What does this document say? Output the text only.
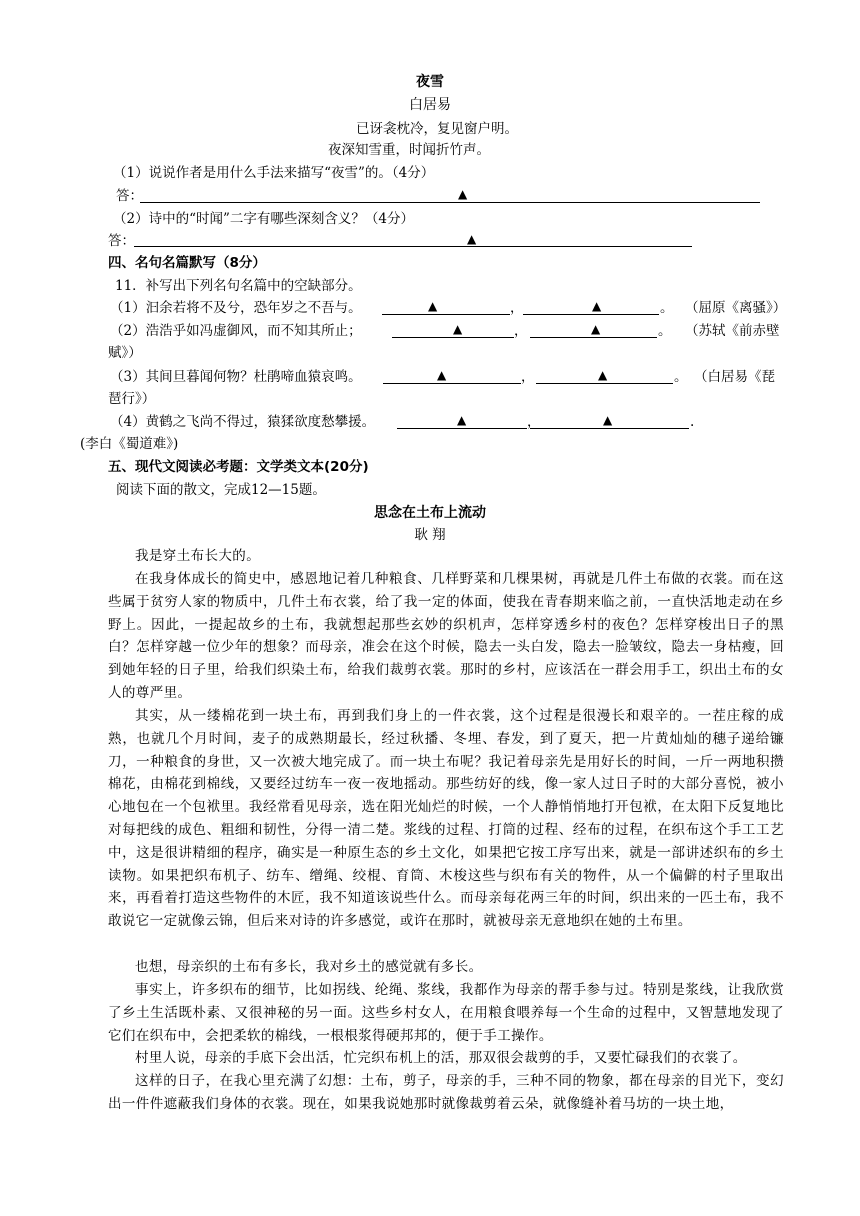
夜雪
白居易
已讶衾枕冷，复见窗户明。
夜深知雪重，时闻折竹声。
（1）说说作者是用什么手法来描写“夜雪”的。（4分）
答：	▲
（2）诗中的“时闻”二字有哪些深刻含义？（4分）
答：	▲
四、名句名篇默写（8分）
11．补写出下列名句名篇中的空缺部分。
（1）汩余若将不及兮，恐年岁之不吾与。	▲	，	▲	。 （屈原《离骚》）
（2）浩浩乎如冯虚御风，而不知其所止；	▲	，	▲	。 （苏轼《前赤壁
赋》）
（3）其间旦暮闻何物？杜鹃啼血猿哀鸣。	▲	，	▲	。 （白居易《琵
琶行》）
（4）黄鹤之飞尚不得过，猿猱欲度愁攀援。	▲	，	▲	.
(李白《蜀道难》)
五、现代文阅读必考题：文学类文本(20分)
阅读下面的散文，完成12—15题。
思念在土布上流动
耿 翔
我是穿土布长大的。
在我身体成长的简史中，感恩地记着几种粮食、几样野菜和几棵果树，再就是几件土布做的衣裳。而在这些属于贫穷人家的物质中，几件土布衣裳，给了我一定的体面，使我在青春期来临之前，一直快活地走动在乡野上。因此，一提起故乡的土布，我就想起那些玄妙的织机声，怎样穿透乡村的夜色？怎样穿梭出日子的黑白？怎样穿越一位少年的想象？而母亲，准会在这个时候，隐去一头白发，隐去一脸皱纹，隐去一身枯瘦，回到她年轻的日子里，给我们织染土布，给我们裁剪衣裳。那时的乡村，应该活在一群会用手工，织出土布的女人的尊严里。
其实，从一缕棉花到一块土布，再到我们身上的一件衣裳，这个过程是很漫长和艰辛的。一茬庄稼的成熟，也就几个月时间，麦子的成熟期最长，经过秋播、冬埋、春发，到了夏天，把一片黄灿灿的穗子递给镰刀，一种粮食的身世，又一次被大地完成了。而一块土布呢？我记着母亲先是用好长的时间，一斤一两地积攒棉花，由棉花到棉线，又要经过纺车一夜一夜地摇动。那些纺好的线，像一家人过日子时的大部分喜悦，被小心地包在一个包袱里。我经常看见母亲，选在阳光灿烂的时候，一个人静悄悄地打开包袱，在太阳下反复地比对每把线的成色、粗细和韧性，分得一清二楚。浆线的过程、打筒的过程、经布的过程，在织布这个手工工艺中，这是很讲精细的程序，确实是一种原生态的乡土文化，如果把它按工序写出来，就是一部讲述织布的乡土读物。如果把织布机子、纺车、缯绳、绞棍、育筒、木梭这些与织布有关的物件，从一个偏僻的村子里取出来，再看着打造这些物件的木匠，我不知道该说些什么。而母亲每花两三年的时间，织出来的一匹土布，我不敢说它一定就像云锦，但后来对诗的许多感觉，或许在那时，就被母亲无意地织在她的土布里。
也想，母亲织的土布有多长，我对乡土的感觉就有多长。
事实上，许多织布的细节，比如拐线、纶绳、浆线，我都作为母亲的帮手参与过。特别是浆线，让我欣赏了乡土生活既朴素、又很神秘的另一面。这些乡村女人，在用粮食喂养每一个生命的过程中，又智慧地发现了它们在织布中，会把柔软的棉线，一根根浆得硬邦邦的，便于手工操作。
村里人说，母亲的手底下会出活，忙完织布机上的活，那双很会裁剪的手，又要忙碌我们的衣裳了。
这样的日子，在我心里充满了幻想：土布，剪子，母亲的手，三种不同的物象，都在母亲的目光下，变幻出一件件遮蔽我们身体的衣裳。现在，如果我说她那时就像裁剪着云朵，就像缝补着马坊的一块土地，
